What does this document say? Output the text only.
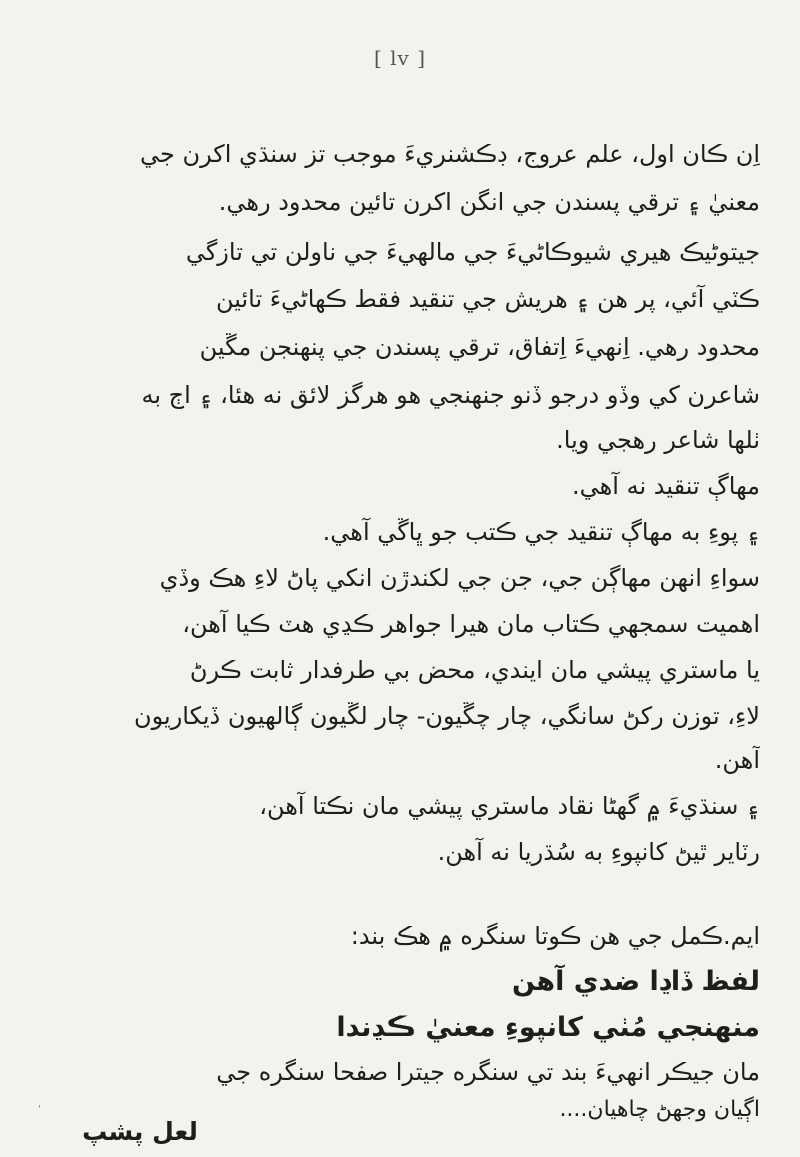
[ lv ]
اِن ڪان اول، علم عروج، ڊڪشنريءَ موجب تز سنڌي اکرن جي
معنيٰ ۽ ترقي پسندن جي انگن اکرن تائين محدود رهي.
جيتوڻيڪ هيري شيوڪاڻيءَ جي مالهيءَ جي ناولن تي تازگي
ڪٽي آئي، پر هن ۽ هريش جي تنقيد فقط ڪهاڻيءَ تائين
محدود رهي. اِنهيءَ اِتفاق، ترقي پسندن جي پنهنجن مڱين
شاعرن کي وڏو درجو ڏنو جنهنجي هو هرگز لائق نه هئا، ۽ اڄ به
ٺلها شاعر رهجي ويا.
مهاڳ تنقيد نه آهي.
۽ پوءِ به مهاڳ تنقيد جي ڪتب جو ڀاڱي آهي.
سواءِ انهن مهاڳن جي، جن جي لکندڙن انکي پاڻ لاءِ هڪ وڏي
اهميت سمجهي ڪتاب مان هيرا جواهر ڪڍي هٽ ڪيا آهن،
يا ماستري پيشي مان ايندي، محض بي طرفدار ثابت ڪرڻ
لاءِ، توزن رکڻ سانگي، چار چڱيون- چار لڱيون ڳالهيون ڏيکاريون
آهن.
۽ سنڌيءَ ۾ گهڻا نقاد ماستري پيشي مان نڪتا آهن،
رٽاير ٿيڻ کانپوءِ به سُڌريا نه آهن.
ايم.ڪمل جي هن ڪوتا سنگره ۾ هڪ بند:
لفظ ڏاڍا ضدي آهن
منهنجي مُٺي کانپوءِ معنيٰ ڪڍندا
مان جيڪر انهيءَ بند تي سنگره جيترا صفحا سنگره جي
اڳيان وجهڻ چاهيان....
لعل پشپ
'
